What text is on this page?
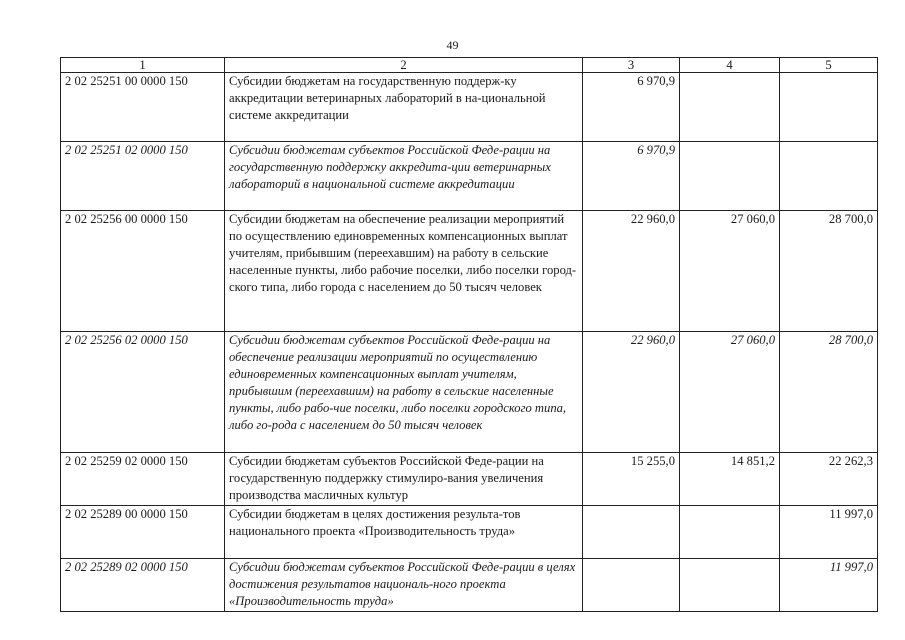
49
1	2	3	4	5
2 02 25251 00 0000 150	Субсидии бюджетам на государственную поддерж-ку аккредитации ветеринарных лабораторий в на-циональной системе аккредитации	6 970,9		
2 02 25251 02 0000 150	Субсидии бюджетам субъектов Российской Феде-рации на государственную поддержку аккредита-ции ветеринарных лабораторий в национальной системе аккредитации	6 970,9		
2 02 25256 00 0000 150	Субсидии бюджетам на обеспечение реализации мероприятий по осуществлению единовременных компенсационных выплат учителям, прибывшим (переехавшим) на работу в сельские населенные пункты, либо рабочие поселки, либо поселки город-ского типа, либо города с населением до 50 тысяч человек	22 960,0	27 060,0	28 700,0
2 02 25256 02 0000 150	Субсидии бюджетам субъектов Российской Феде-рации на обеспечение реализации мероприятий по осуществлению единовременных компенсационных выплат учителям, прибывшим (переехавшим) на работу в сельские населенные пункты, либо рабо-чие поселки, либо поселки городского типа, либо го-рода с населением до 50 тысяч человек	22 960,0	27 060,0	28 700,0
2 02 25259 02 0000 150	Субсидии бюджетам субъектов Российской Феде-рации на государственную поддержку стимулиро-вания увеличения производства масличных культур	15 255,0	14 851,2	22 262,3
2 02 25289 00 0000 150	Субсидии бюджетам в целях достижения результа-тов национального проекта «Производительность труда»			11 997,0
2 02 25289 02 0000 150	Субсидии бюджетам субъектов Российской Феде-рации в целях достижения результатов националь-ного проекта «Производительность труда»			11 997,0
